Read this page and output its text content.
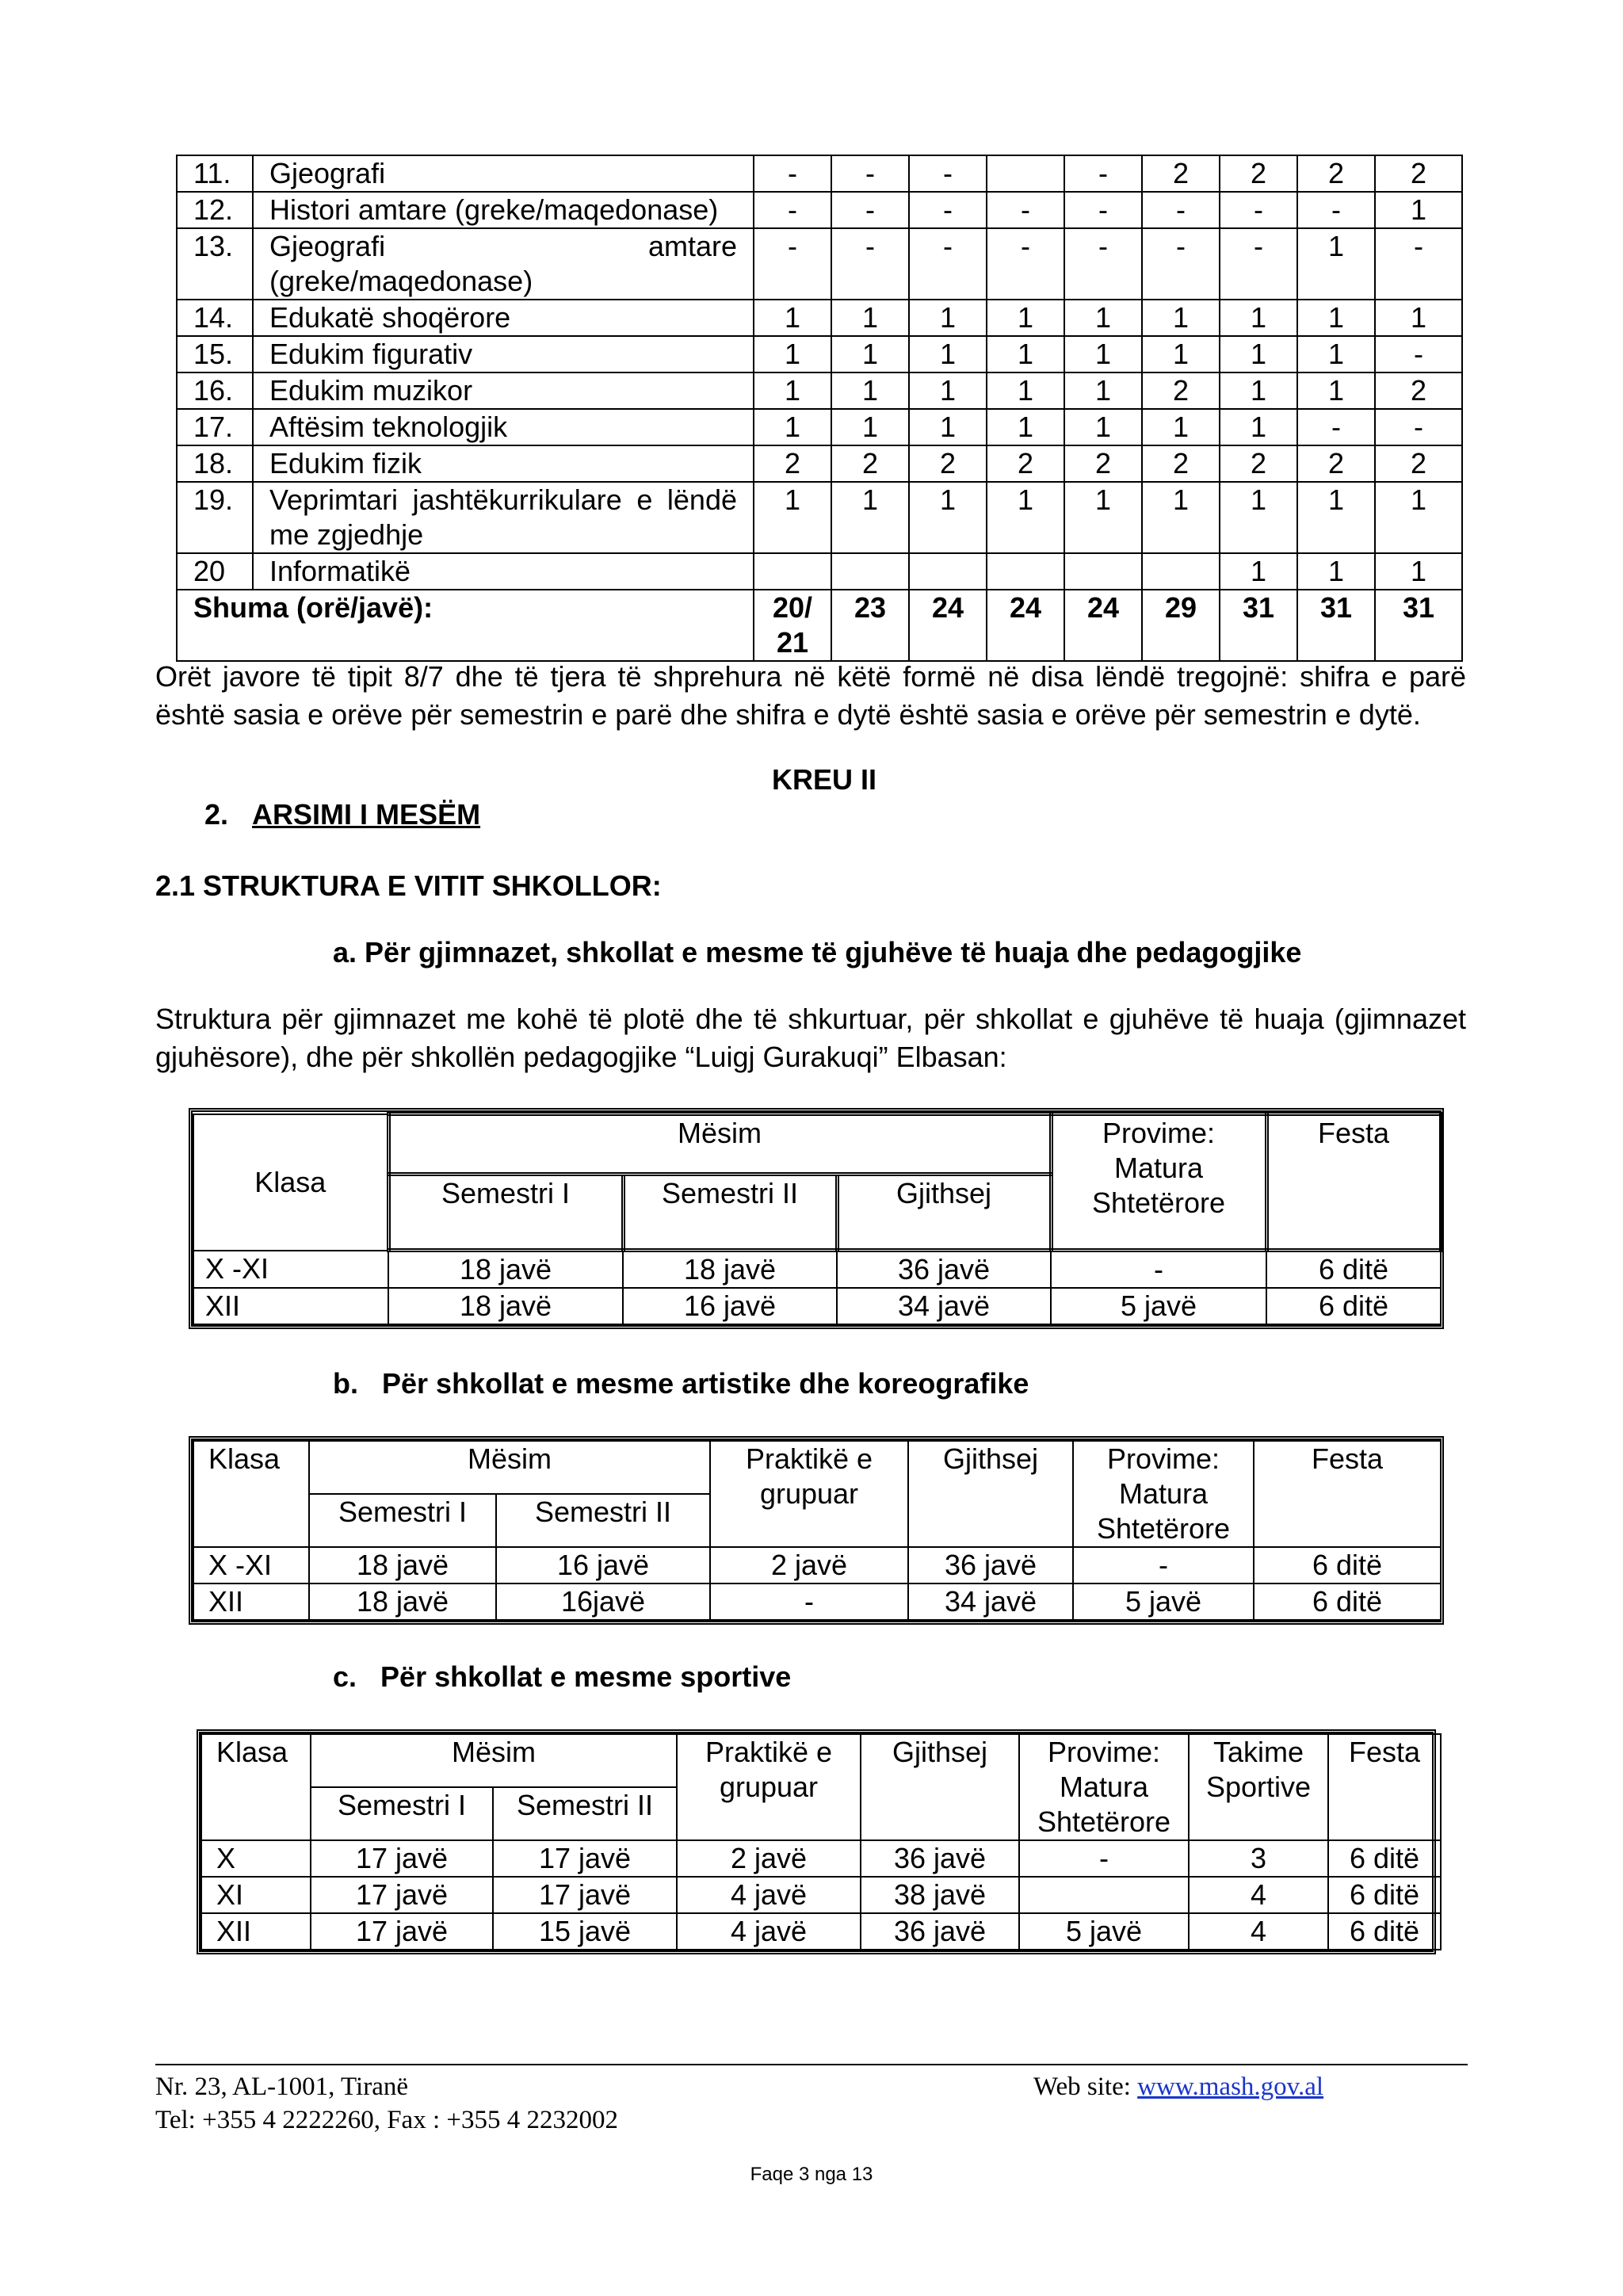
11.	Gjeografi	-	-	-		-	2	2	2	2
12.	Histori amtare (greke/maqedonase)	-	-	-	-	-	-	-	-	1
13.	Gjeografi amtare (greke/maqedonase)	-	-	-	-	-	-	-	1	-
14.	Edukatë shoqërore	1	1	1	1	1	1	1	1	1
15.	Edukim figurativ	1	1	1	1	1	1	1	1	-
16.	Edukim muzikor	1	1	1	1	1	2	1	1	2
17.	Aftësim teknologjik	1	1	1	1	1	1	1	-	-
18.	Edukim fizik	2	2	2	2	2	2	2	2	2
19.	Veprimtari jashtëkurrikulare e lëndë me zgjedhje	1	1	1	1	1	1	1	1	1
20	Informatikë							1	1	1
Shuma (orë/javë):		20/ 21	23	24	24	24	29	31	31	31

Orët javore të tipit 8/7 dhe të tjera të shprehura në këtë formë në disa lëndë tregojnë: shifra e parë është sasia e orëve për semestrin e parë dhe shifra e dytë është sasia e orëve për semestrin e dytë.

KREU II

2. ARSIMI I MESËM

2.1 STRUKTURA E VITIT SHKOLLOR:

a. Për gjimnazet, shkollat e mesme të gjuhëve të huaja dhe pedagogjike

Struktura për gjimnazet me kohë të plotë dhe të shkurtuar, për shkollat e gjuhëve të huaja (gjimnazet gjuhësore), dhe për shkollën pedagogjike “Luigj Gurakuqi” Elbasan:

Klasa	Mësim			Provime: Matura Shtetërore	Festa
	Semestri I	Semestri II	Gjithsej		
X -XI	18 javë	18 javë	36 javë	-	6 ditë
XII	18 javë	16 javë	34 javë	5 javë	6 ditë

b. Për shkollat e mesme artistike dhe koreografike

Klasa	Mësim		Praktikë e grupuar	Gjithsej	Provime: Matura Shtetërore	Festa
	Semestri I	Semestri II				
X -XI	18 javë	16 javë	2 javë	36 javë	-	6 ditë
XII	18 javë	16javë	-	34 javë	5 javë	6 ditë

c. Për shkollat e mesme sportive

Klasa	Mësim		Praktikë e grupuar	Gjithsej	Provime: Matura Shtetërore	Takime Sportive	Festa
	Semestri I	Semestri II					
X	17 javë	17 javë	2 javë	36 javë	-	3	6 ditë
XI	17 javë	17 javë	4 javë	38 javë		4	6 ditë
XII	17 javë	15 javë	4 javë	36 javë	5 javë	4	6 ditë

Nr. 23, AL-1001, Tiranë

Tel: +355 4 2222260, Fax : +355 4 2232002

Web site: www.mash.gov.al

Faqe 3 nga 13
